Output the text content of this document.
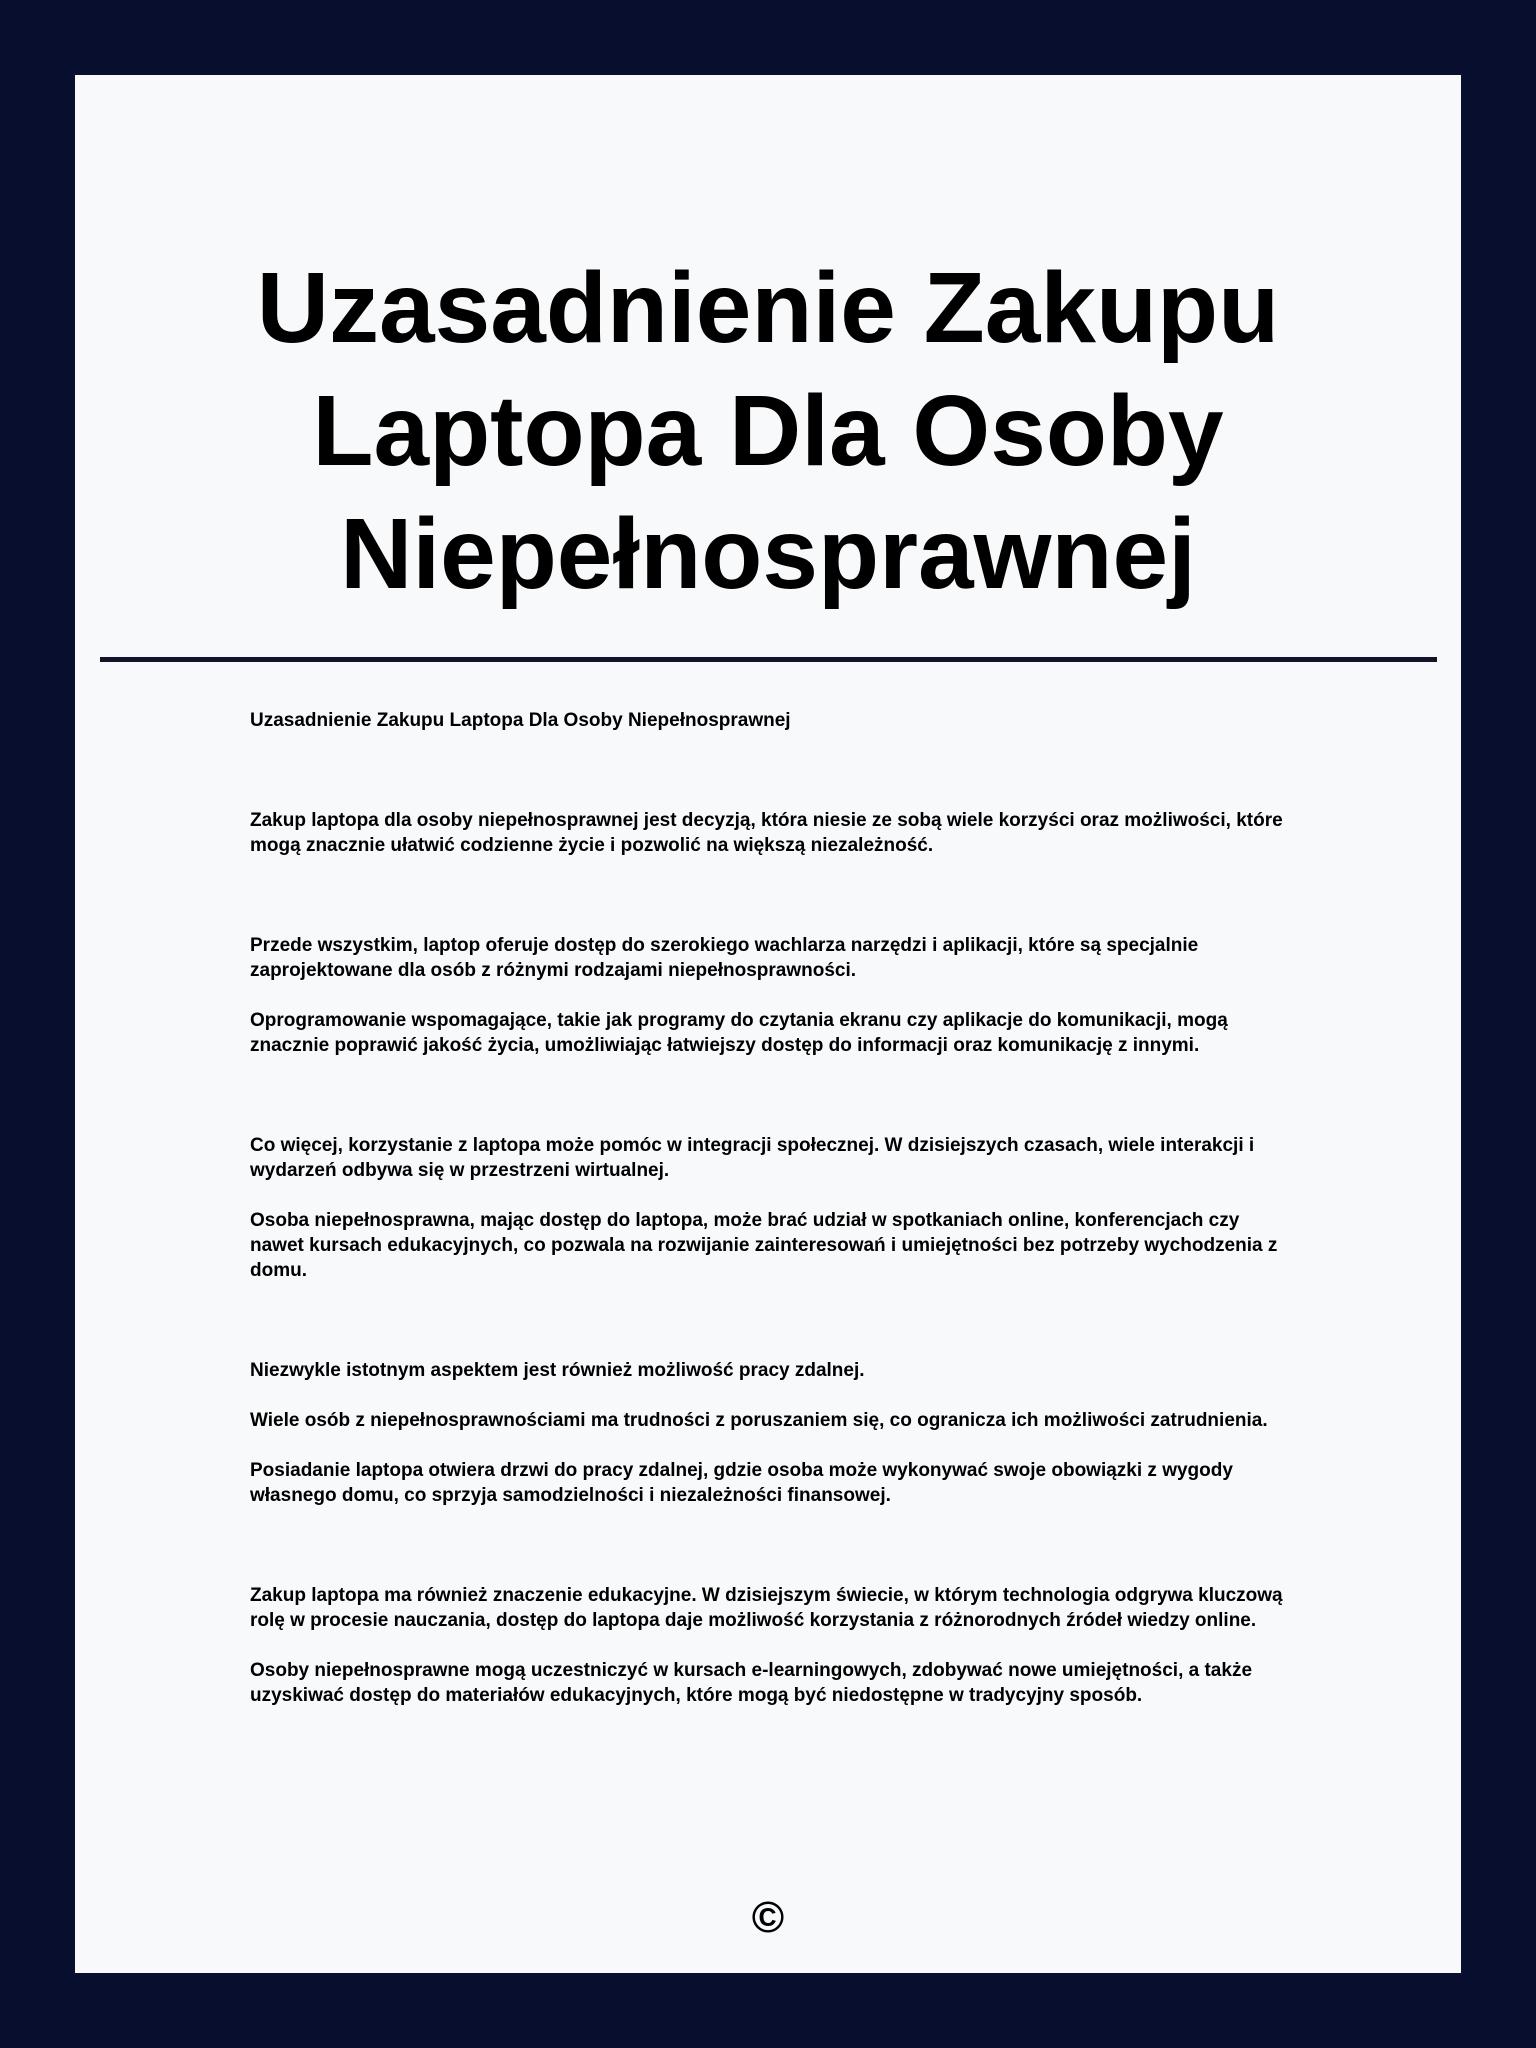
Uzasadnienie Zakupu
Laptopa Dla Osoby
Niepełnosprawnej

Uzasadnienie Zakupu Laptopa Dla Osoby Niepełnosprawnej

Zakup laptopa dla osoby niepełnosprawnej jest decyzją, która niesie ze sobą wiele korzyści oraz możliwości, które mogą znacznie ułatwić codzienne życie i pozwolić na większą niezależność.

Przede wszystkim, laptop oferuje dostęp do szerokiego wachlarza narzędzi i aplikacji, które są specjalnie zaprojektowane dla osób z różnymi rodzajami niepełnosprawności.

Oprogramowanie wspomagające, takie jak programy do czytania ekranu czy aplikacje do komunikacji, mogą znacznie poprawić jakość życia, umożliwiając łatwiejszy dostęp do informacji oraz komunikację z innymi.

Co więcej, korzystanie z laptopa może pomóc w integracji społecznej. W dzisiejszych czasach, wiele interakcji i wydarzeń odbywa się w przestrzeni wirtualnej.

Osoba niepełnosprawna, mając dostęp do laptopa, może brać udział w spotkaniach online, konferencjach czy nawet kursach edukacyjnych, co pozwala na rozwijanie zainteresowań i umiejętności bez potrzeby wychodzenia z domu.

Niezwykle istotnym aspektem jest również możliwość pracy zdalnej.

Wiele osób z niepełnosprawnościami ma trudności z poruszaniem się, co ogranicza ich możliwości zatrudnienia.

Posiadanie laptopa otwiera drzwi do pracy zdalnej, gdzie osoba może wykonywać swoje obowiązki z wygody własnego domu, co sprzyja samodzielności i niezależności finansowej.

Zakup laptopa ma również znaczenie edukacyjne. W dzisiejszym świecie, w którym technologia odgrywa kluczową rolę w procesie nauczania, dostęp do laptopa daje możliwość korzystania z różnorodnych źródeł wiedzy online.

Osoby niepełnosprawne mogą uczestniczyć w kursach e-learningowych, zdobywać nowe umiejętności, a także uzyskiwać dostęp do materiałów edukacyjnych, które mogą być niedostępne w tradycyjny sposób.

©
